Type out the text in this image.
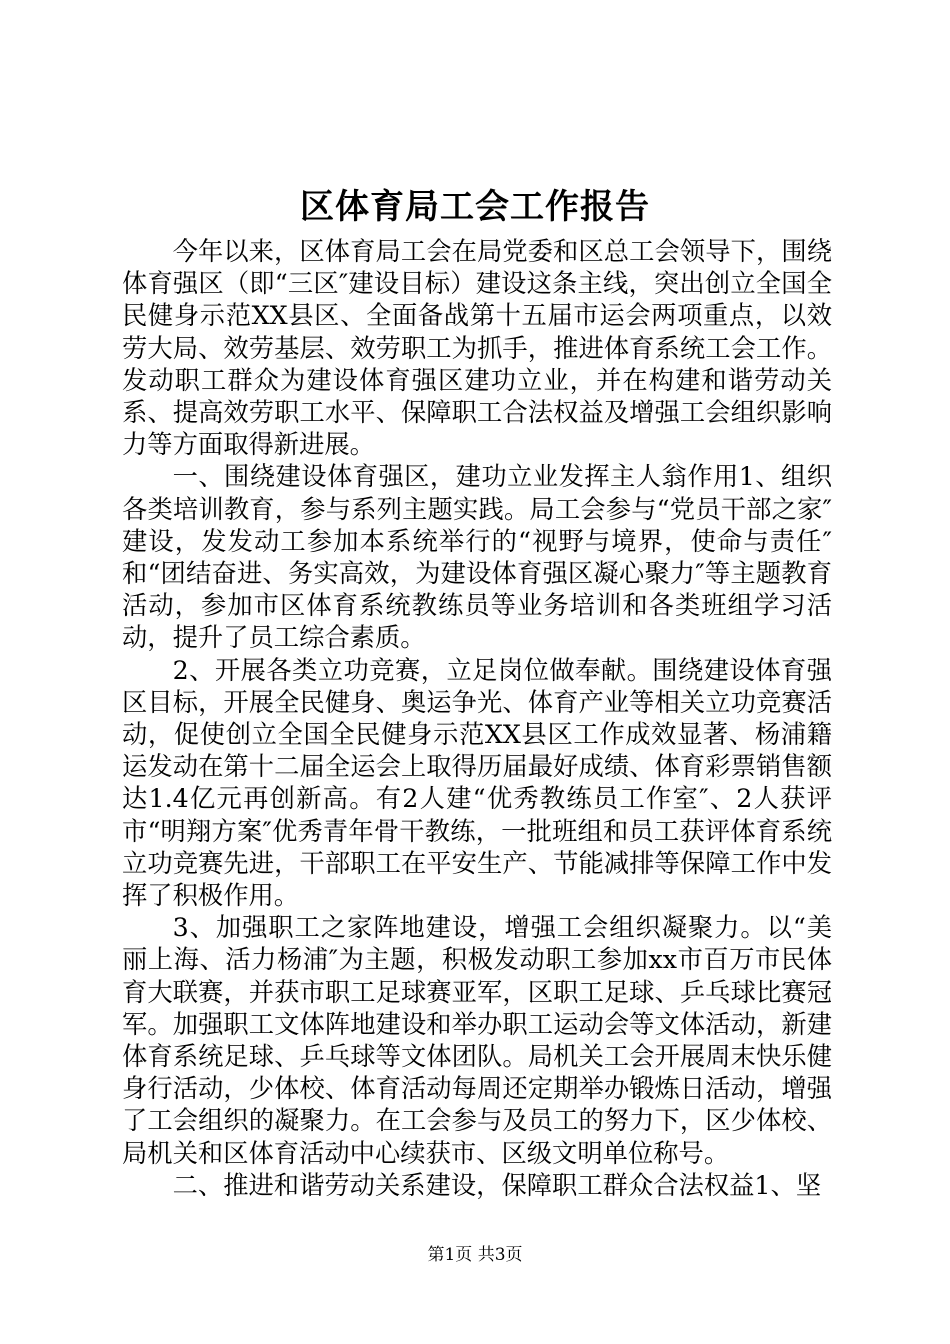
区体育局工会工作报告

今年以来，区体育局工会在局党委和区总工会领导下，围绕体育强区（即“三区″建设目标）建设这条主线，突出创立全国全民健身示范XX县区、全面备战第十五届市运会两项重点，以效劳大局、效劳基层、效劳职工为抓手，推进体育系统工会工作。发动职工群众为建设体育强区建功立业，并在构建和谐劳动关系、提高效劳职工水平、保障职工合法权益及增强工会组织影响力等方面取得新进展。

一、围绕建设体育强区，建功立业发挥主人翁作用1、组织各类培训教育，参与系列主题实践。局工会参与“党员干部之家″建设，发发动工参加本系统举行的“视野与境界，使命与责任″和“团结奋进、务实高效，为建设体育强区凝心聚力″等主题教育活动，参加市区体育系统教练员等业务培训和各类班组学习活动，提升了员工综合素质。

2、开展各类立功竞赛，立足岗位做奉献。围绕建设体育强区目标，开展全民健身、奥运争光、体育产业等相关立功竞赛活动，促使创立全国全民健身示范XX县区工作成效显著、杨浦籍运发动在第十二届全运会上取得历届最好成绩、体育彩票销售额达1.4亿元再创新高。有2人建“优秀教练员工作室″、2人获评市“明翔方案″优秀青年骨干教练，一批班组和员工获评体育系统立功竞赛先进，干部职工在平安生产、节能减排等保障工作中发挥了积极作用。

3、加强职工之家阵地建设，增强工会组织凝聚力。以“美丽上海、活力杨浦″为主题，积极发动职工参加xx市百万市民体育大联赛，并获市职工足球赛亚军，区职工足球、乒乓球比赛冠军。加强职工文体阵地建设和举办职工运动会等文体活动，新建体育系统足球、乒乓球等文体团队。局机关工会开展周末快乐健身行活动，少体校、体育活动每周还定期举办锻炼日活动，增强了工会组织的凝聚力。在工会参与及员工的努力下，区少体校、局机关和区体育活动中心续获市、区级文明单位称号。

二、推进和谐劳动关系建设，保障职工群众合法权益1、坚

第1页 共3页
